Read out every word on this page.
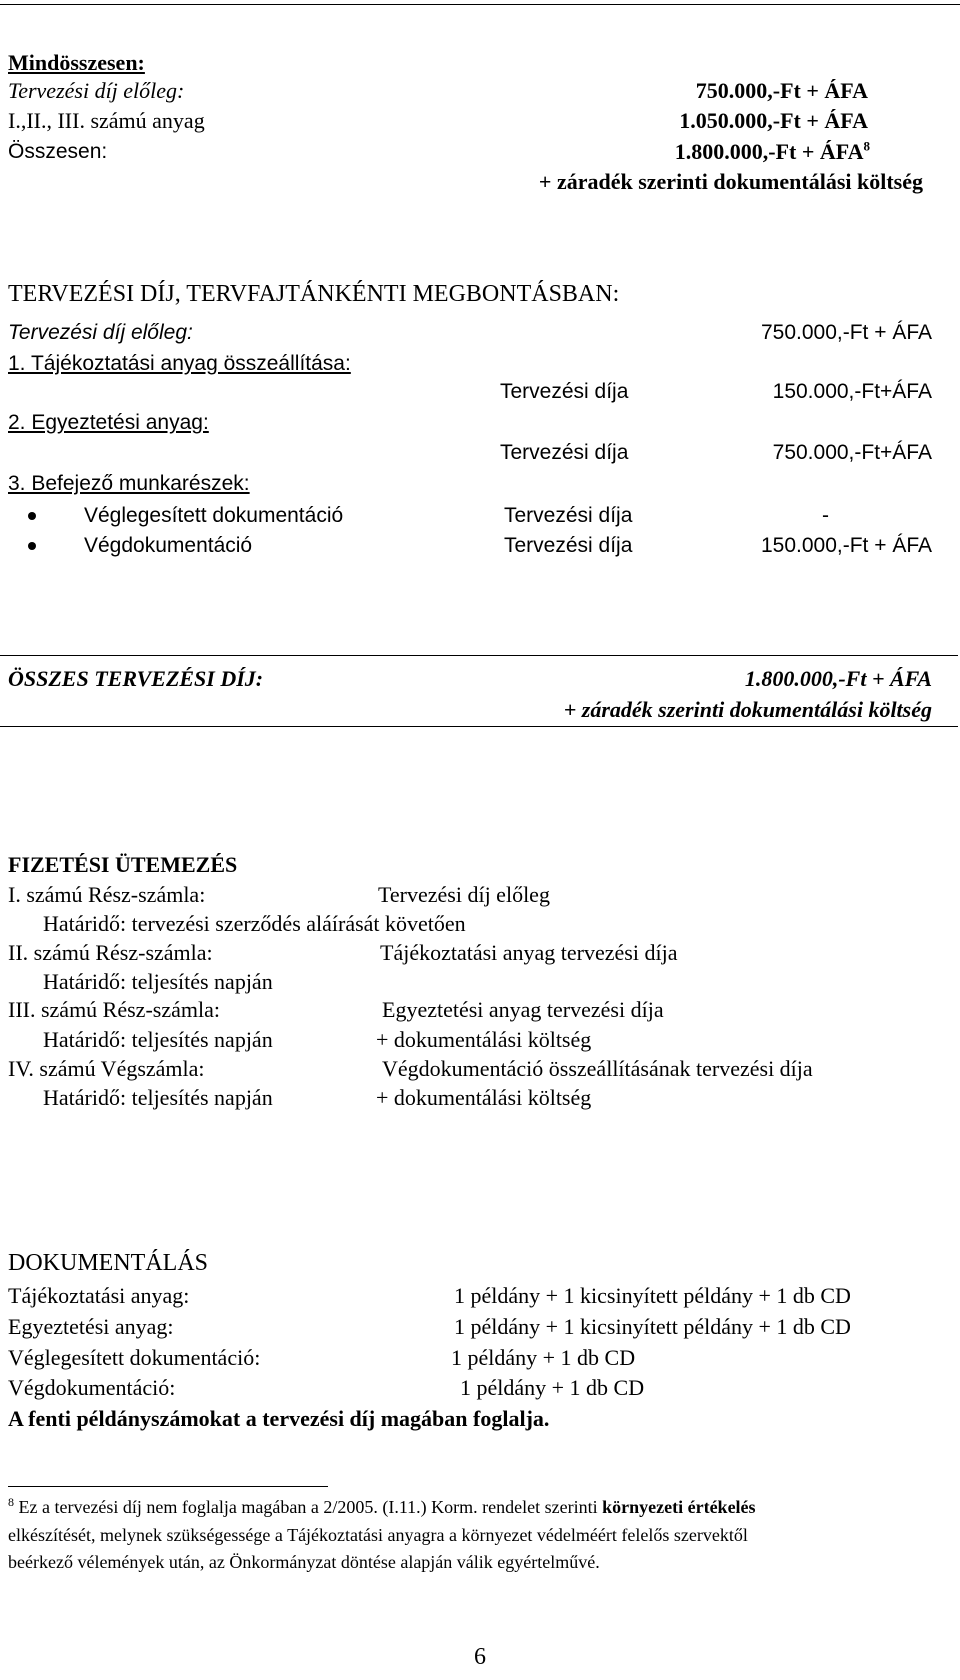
Mindösszesen:
Tervezési díj előleg:	750.000,-Ft + ÁFA
I.,II., III. számú anyag	1.050.000,-Ft + ÁFA
Összesen:	$1.800.000,-Ft + ÁFA^8$
+ záradék szerinti dokumentálási költség
TERVEZÉSI DÍJ, TERVFAJTÁNKÉNTI MEGBONTÁSBAN:
Tervezési díj előleg:	750.000,-Ft + ÁFA
1. Tájékoztatási anyag összeállítása:
Tervezési díja	150.000,-Ft+ÁFA
2. Egyeztetési anyag:
Tervezési díja	750.000,-Ft+ÁFA
3. Befejező munkarészek:
Véglegesített dokumentáció	Tervezési díja	-
Végdokumentáció	Tervezési díja	150.000,-Ft + ÁFA
ÖSSZES TERVEZÉSI DÍJ:	1.800.000,-Ft + ÁFA
+ záradék szerinti dokumentálási költség
FIZETÉSI ÜTEMEZÉS
I. számú Rész-számla:	Tervezési díj előleg
Határidő: tervezési szerződés aláírását követően
II. számú Rész-számla:	Tájékoztatási anyag tervezési díja
Határidő: teljesítés napján
III. számú Rész-számla:	Egyeztetési anyag tervezési díja
Határidő: teljesítés napján	+ dokumentálási költség
IV. számú Végszámla:	Végdokumentáció összeállításának tervezési díja
Határidő: teljesítés napján	+ dokumentálási költség
DOKUMENTÁLÁS
Tájékoztatási anyag:	1 példány + 1 kicsinyített példány + 1 db CD
Egyeztetési anyag:	1 példány + 1 kicsinyített példány + 1 db CD
Véglegesített dokumentáció:	1 példány + 1 db CD
Végdokumentáció:	1 példány + 1 db CD
A fenti példányszámokat a tervezési díj magában foglalja.
$^8$ Ez a tervezési díj nem foglalja magában a 2/2005. (I.11.) Korm. rendelet szerinti környezeti értékelés
elkészítését, melynek szükségessége a Tájékoztatási anyagra a környezet védelméért felelős szervektől
beérkező vélemények után, az Önkormányzat döntése alapján válik egyértelművé.
6
